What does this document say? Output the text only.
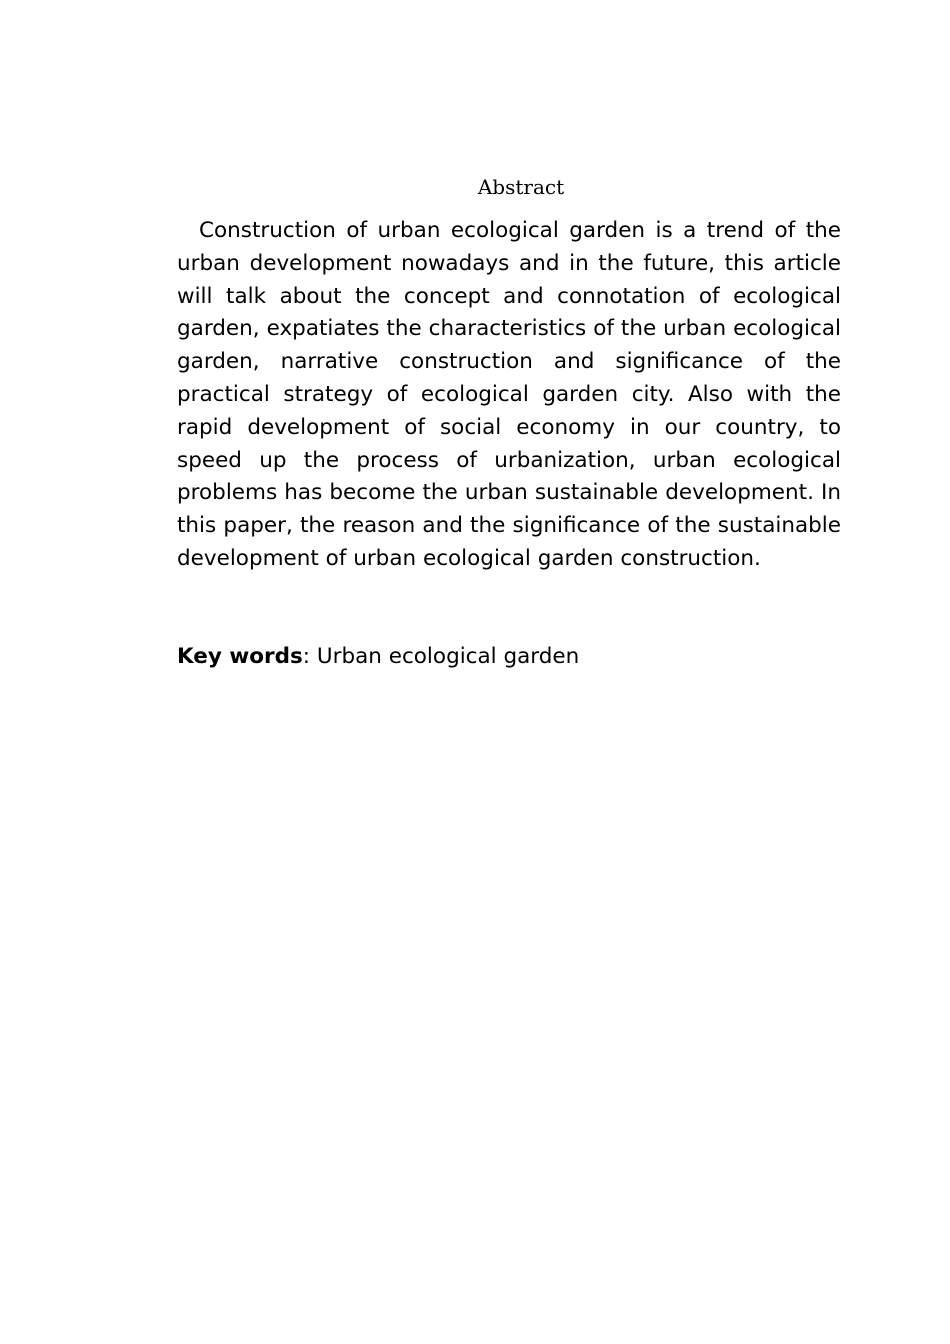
Abstract

Construction of urban ecological garden is a trend of the urban development nowadays and in the future, this article will talk about the concept and connotation of ecological garden, expatiates the characteristics of the urban ecological garden, narrative construction and significance of the practical strategy of ecological garden city. Also with the rapid development of social economy in our country, to speed up the process of urbanization, urban ecological problems has become the urban sustainable development. In this paper, the reason and the significance of the sustainable development of urban ecological garden construction.

Key words: Urban ecological garden
